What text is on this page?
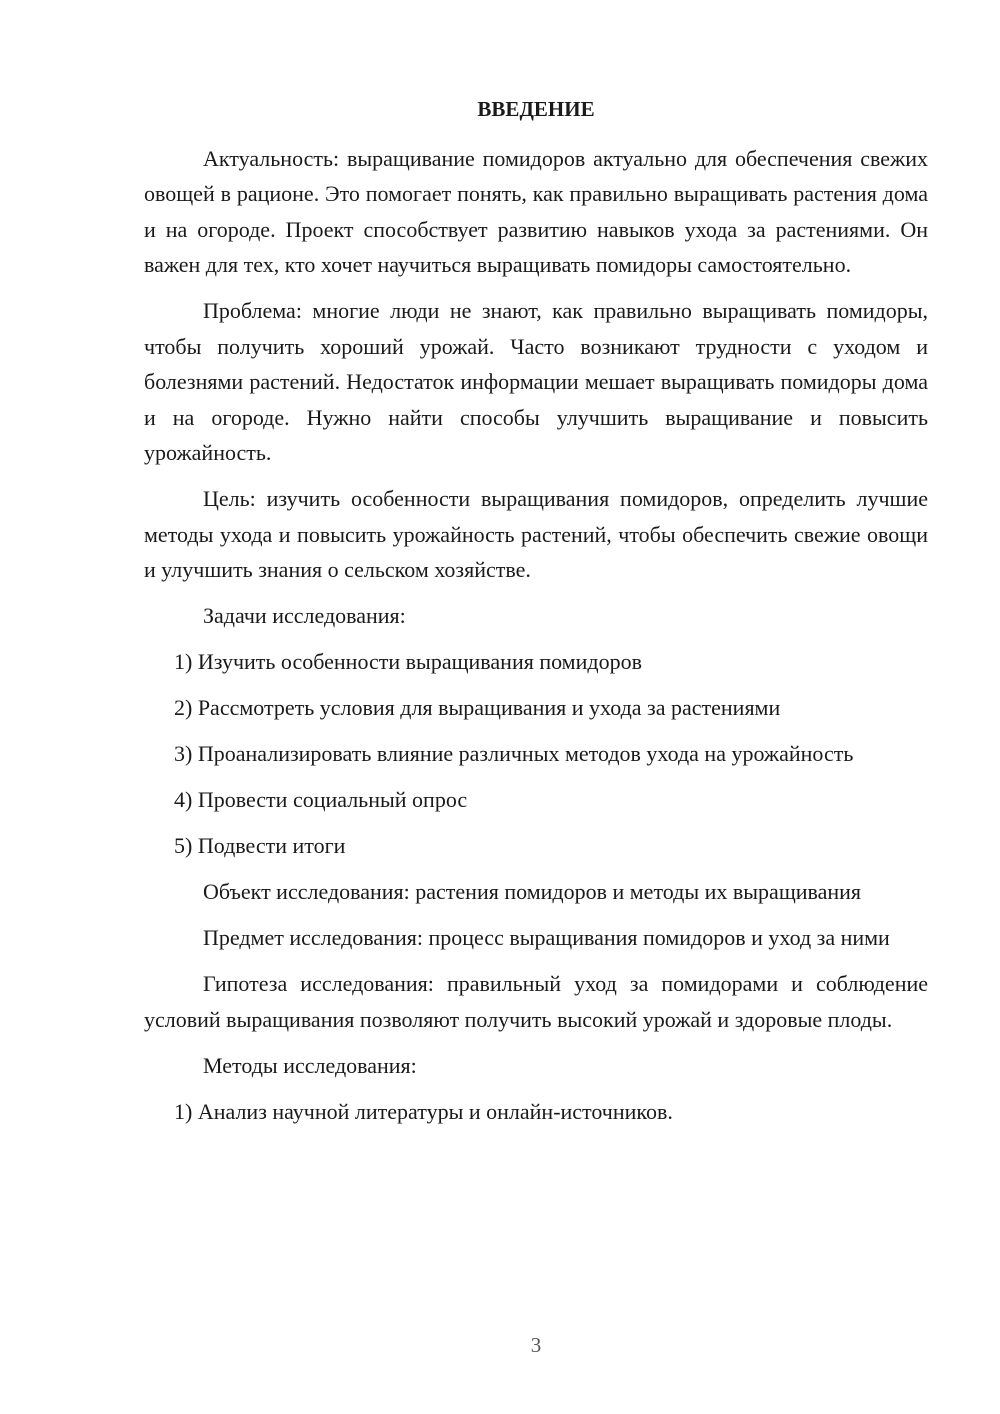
ВВЕДЕНИЕ

Актуальность: выращивание помидоров актуально для обеспечения свежих овощей в рационе. Это помогает понять, как правильно выращивать растения дома и на огороде. Проект способствует развитию навыков ухода за растениями. Он важен для тех, кто хочет научиться выращивать помидоры самостоятельно.

Проблема: многие люди не знают, как правильно выращивать помидоры, чтобы получить хороший урожай. Часто возникают трудности с уходом и болезнями растений. Недостаток информации мешает выращивать помидоры дома и на огороде. Нужно найти способы улучшить выращивание и повысить урожайность.

Цель: изучить особенности выращивания помидоров, определить лучшие методы ухода и повысить урожайность растений, чтобы обеспечить свежие овощи и улучшить знания о сельском хозяйстве.

Задачи исследования:

1) Изучить особенности выращивания помидоров

2) Рассмотреть условия для выращивания и ухода за растениями

3) Проанализировать влияние различных методов ухода на урожайность

4) Провести социальный опрос

5) Подвести итоги

Объект исследования: растения помидоров и методы их выращивания

Предмет исследования: процесс выращивания помидоров и уход за ними

Гипотеза исследования: правильный уход за помидорами и соблюдение условий выращивания позволяют получить высокий урожай и здоровые плоды.

Методы исследования:

1) Анализ научной литературы и онлайн-источников.

3
